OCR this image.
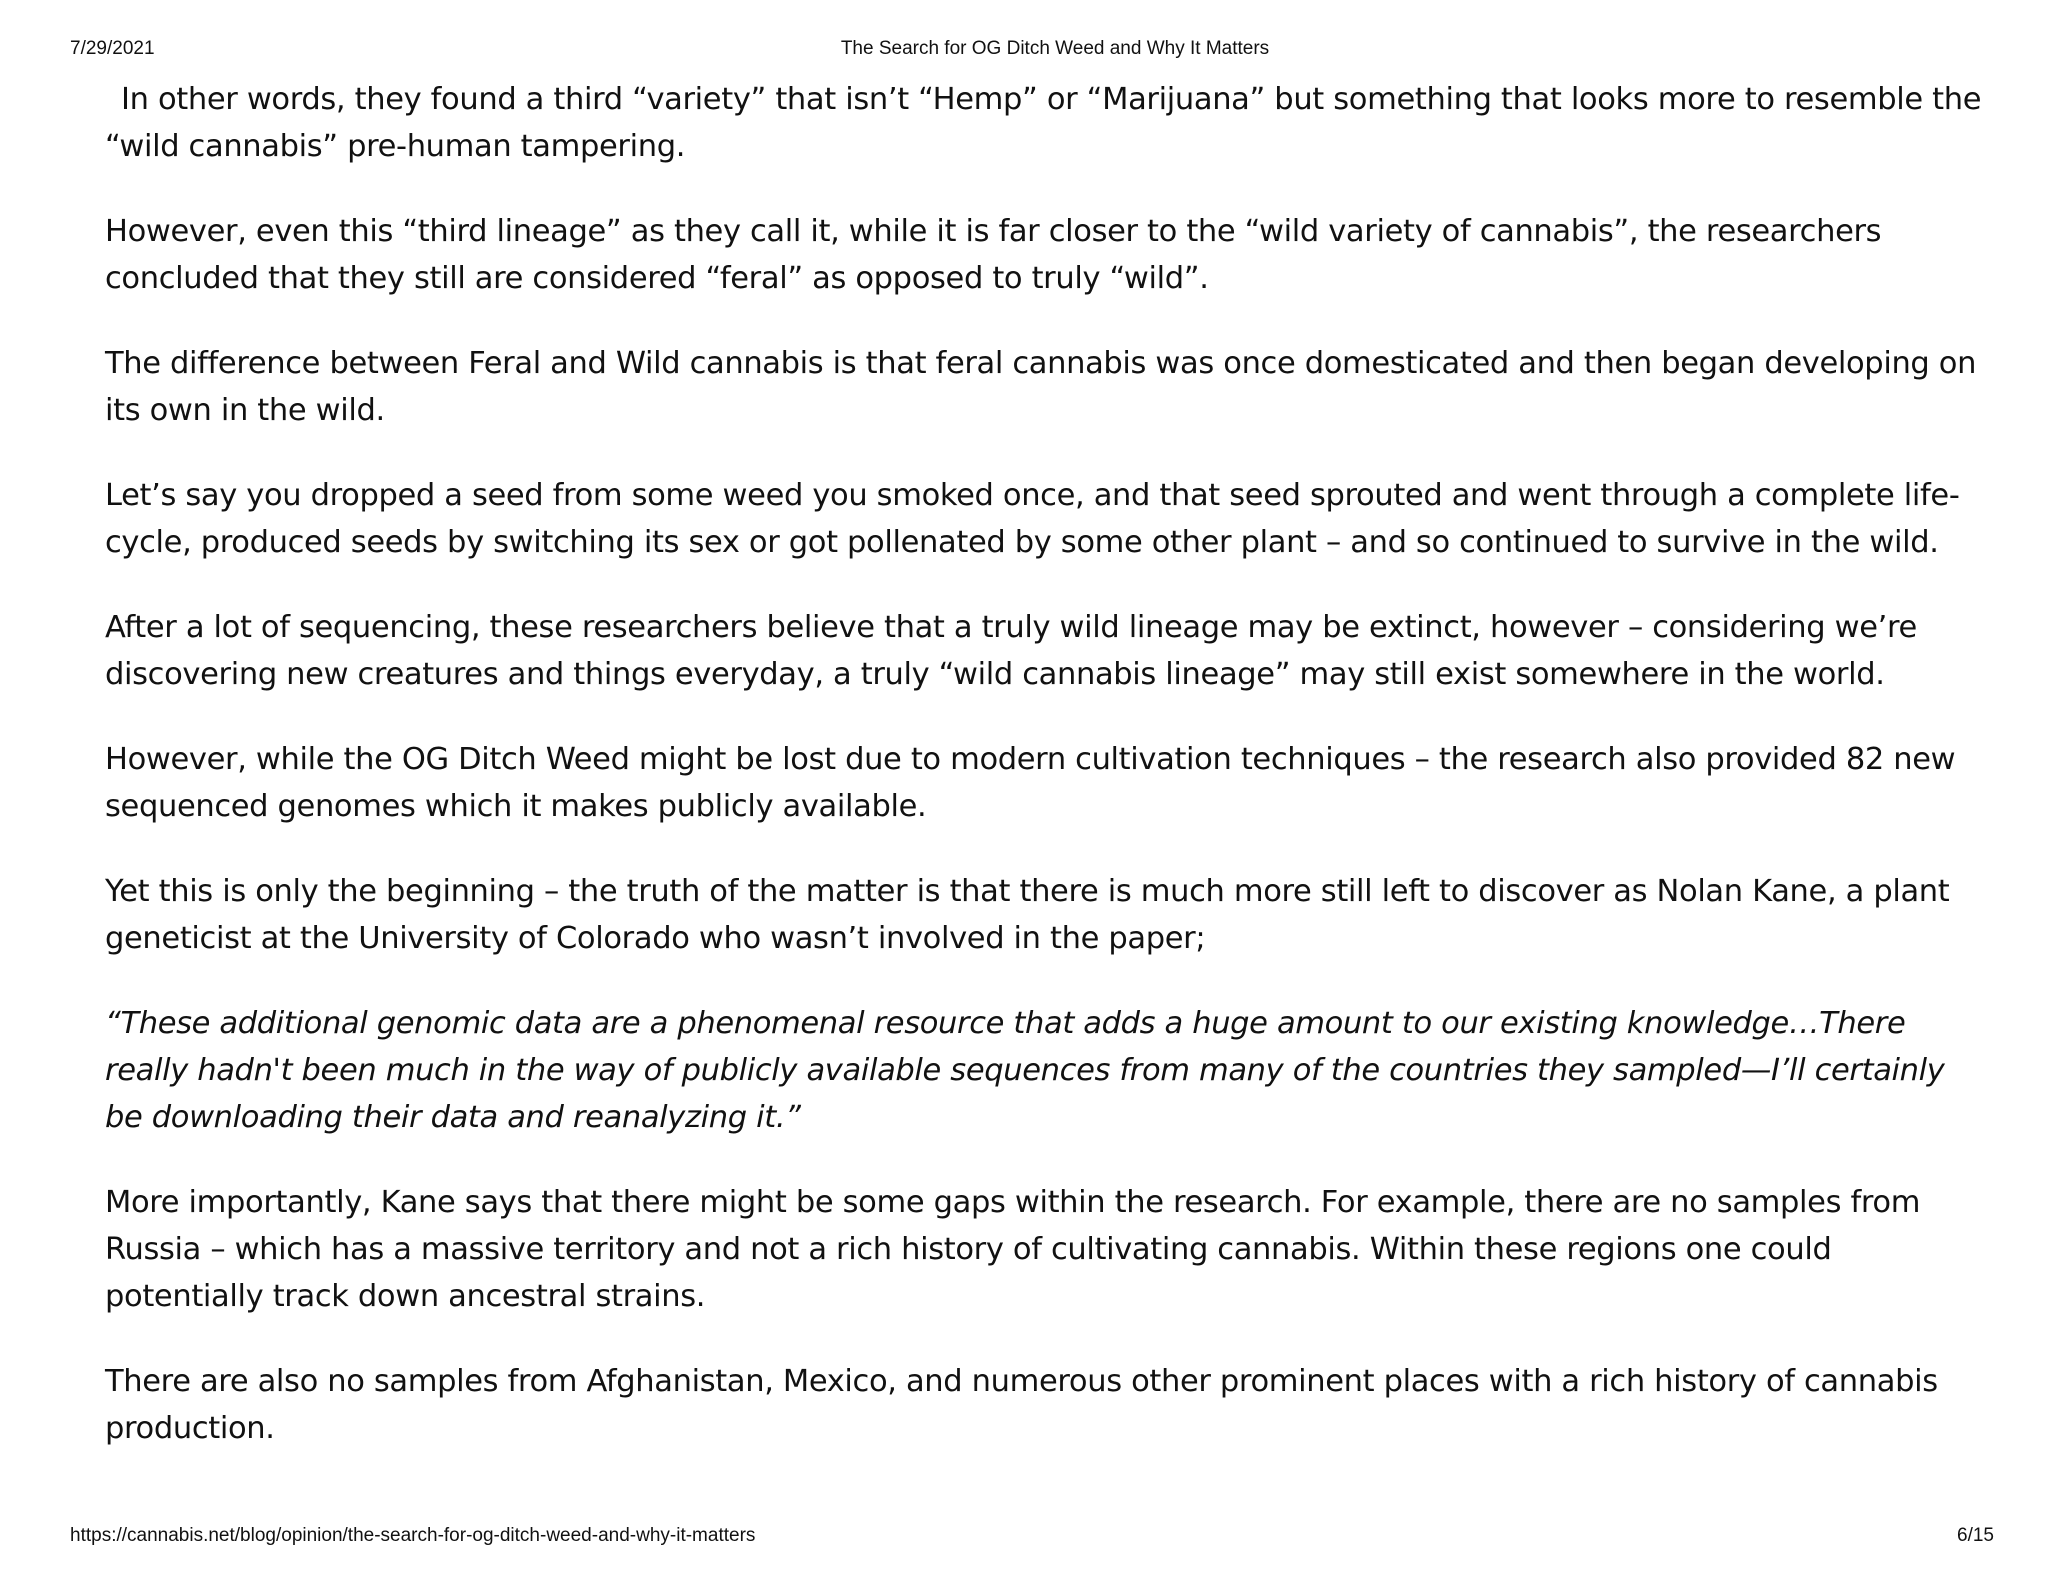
7/29/2021	The Search for OG Ditch Weed and Why It Matters

In other words, they found a third “variety” that isn’t “Hemp” or “Marijuana” but something that looks more to resemble the “wild cannabis” pre-human tampering.

However, even this “third lineage” as they call it, while it is far closer to the “wild variety of cannabis”, the researchers concluded that they still are considered “feral” as opposed to truly “wild”.

The difference between Feral and Wild cannabis is that feral cannabis was once domesticated and then began developing on its own in the wild.

Let’s say you dropped a seed from some weed you smoked once, and that seed sprouted and went through a complete life-cycle, produced seeds by switching its sex or got pollenated by some other plant – and so continued to survive in the wild.

After a lot of sequencing, these researchers believe that a truly wild lineage may be extinct, however – considering we’re discovering new creatures and things everyday, a truly “wild cannabis lineage” may still exist somewhere in the world.

However, while the OG Ditch Weed might be lost due to modern cultivation techniques – the research also provided 82 new sequenced genomes which it makes publicly available.

Yet this is only the beginning – the truth of the matter is that there is much more still left to discover as Nolan Kane, a plant geneticist at the University of Colorado who wasn’t involved in the paper;

“These additional genomic data are a phenomenal resource that adds a huge amount to our existing knowledge…There really hadn't been much in the way of publicly available sequences from many of the countries they sampled—I’ll certainly be downloading their data and reanalyzing it.”

More importantly, Kane says that there might be some gaps within the research. For example, there are no samples from Russia – which has a massive territory and not a rich history of cultivating cannabis. Within these regions one could potentially track down ancestral strains.

There are also no samples from Afghanistan, Mexico, and numerous other prominent places with a rich history of cannabis production.

https://cannabis.net/blog/opinion/the-search-for-og-ditch-weed-and-why-it-matters	6/15
